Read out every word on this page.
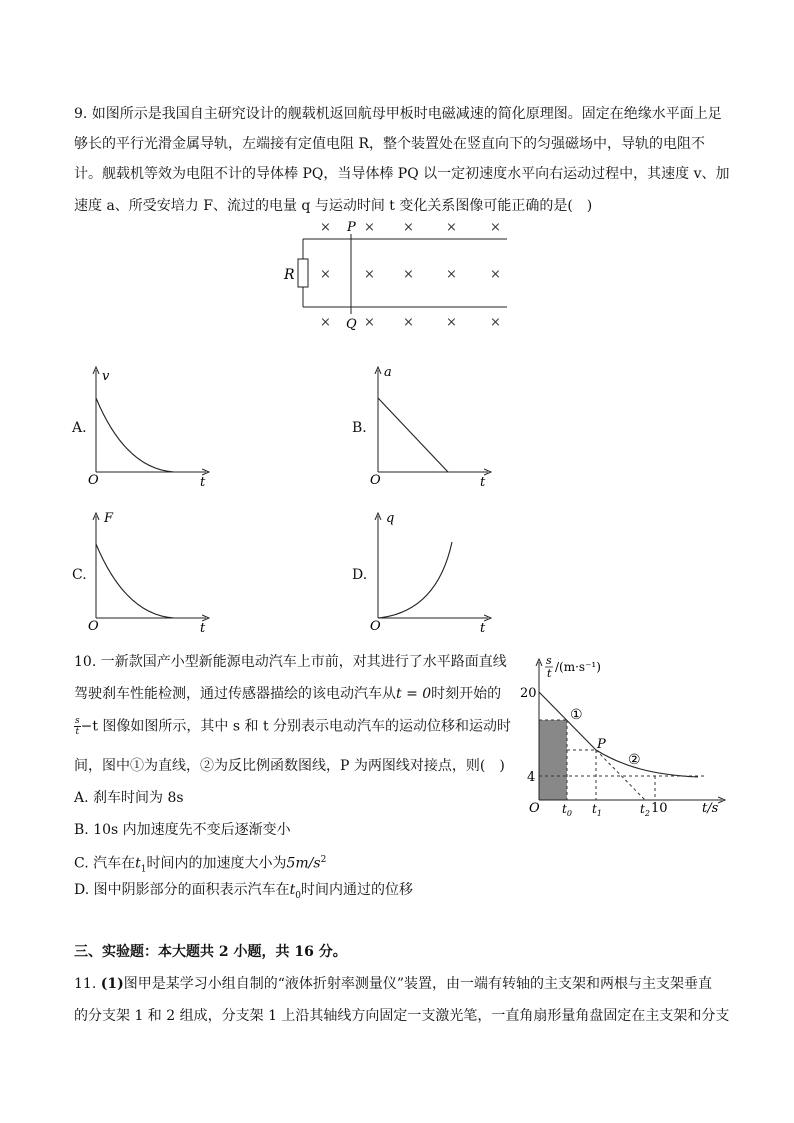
9. 如图所示是我国自主研究设计的舰载机返回航母甲板时电磁减速的简化原理图。固定在绝缘水平面上足
够长的平行光滑金属导轨，左端接有定值电阻 R，整个装置处在竖直向下的匀强磁场中，导轨的电阻不
计。舰载机等效为电阻不计的导体棒 PQ，当导体棒 PQ 以一定初速度水平向右运动过程中，其速度 v、加
速度 a、所受安培力 F、流过的电量 q 与运动时间 t 变化关系图像可能正确的是(　)
R
P
Q
×	× × ×	×
×	× × ×	×
×	× × ×	×
A.
v
t
O
B.
a
t
O
C.
F
t
O
D.
q
t
O
10. 一新款国产小型新能源电动汽车上市前，对其进行了水平路面直线
驾驶刹车性能检测，通过传感器描绘的该电动汽车从t = 0时刻开始的
$\frac{s}{t} -t$ 图像如图所示，其中 s 和 t 分别表示电动汽车的运动位移和运动时
间，图中①为直线，②为反比例函数图线，P 为两图线对接点，则(　)
A. 刹车时间为 8s
B. 10s 内加速度先不变后逐渐变小
C. 汽车在$t_1$时间内的加速度大小为$5m/s^2$
D. 图中阴影部分的面积表示汽车在$t_0$时间内通过的位移
s
t /(m·s⁻¹)
20
4
O $t_0$ $t_1$	$t_2$ 10	t/s
P
①
②
三、实验题：本大题共 2 小题，共 16 分。
11. (1)图甲是某学习小组自制的“液体折射率测量仪”装置，由一端有转轴的主支架和两根与主支架垂直
的分支架 1 和 2 组成，分支架 1 上沿其轴线方向固定一支激光笔，一直角扇形量角盘固定在主支架和分支
